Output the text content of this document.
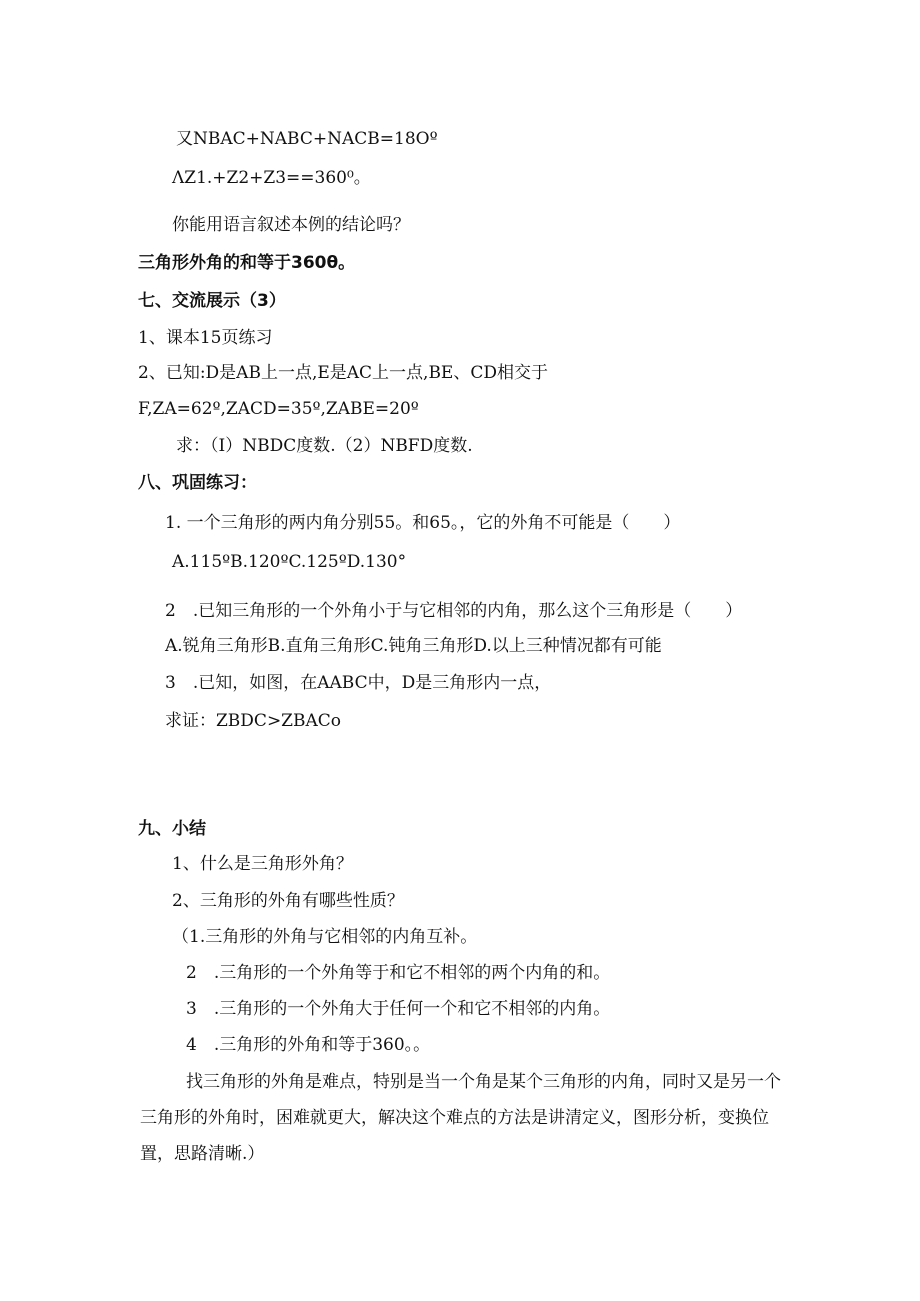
又NBAC+NABC+NACB=18Oº
ΛZ1.+Z2+Z3==360⁰。
你能用语言叙述本例的结论吗？
三角形外角的和等于360θ。
七、交流展示（3）
1、课本15页练习
2、已知:D是AB上一点,E是AC上一点,BE、CD相交于
F,ZA=62º,ZACD=35º,ZABE=20º
求：（I）NBDC度数.（2）NBFD度数.
八、巩固练习：
1. 一个三角形的两内角分别55。和65。，它的外角不可能是（　　）
A.115ºB.120ºC.125ºD.130°
2　.已知三角形的一个外角小于与它相邻的内角，那么这个三角形是（　　）
A.锐角三角形B.直角三角形C.钝角三角形D.以上三种情况都有可能
3　.已知，如图，在AABC中，D是三角形内一点，
求证：ZBDC>ZBACo
九、小结
1、什么是三角形外角？
2、三角形的外角有哪些性质？
（1.三角形的外角与它相邻的内角互补。
2　.三角形的一个外角等于和它不相邻的两个内角的和。
3　.三角形的一个外角大于任何一个和它不相邻的内角。
4　.三角形的外角和等于360。。
找三角形的外角是难点，特别是当一个角是某个三角形的内角，同时又是另一个三角形的外角时，困难就更大，解决这个难点的方法是讲清定义，图形分析，变换位置，思路清晰.）
